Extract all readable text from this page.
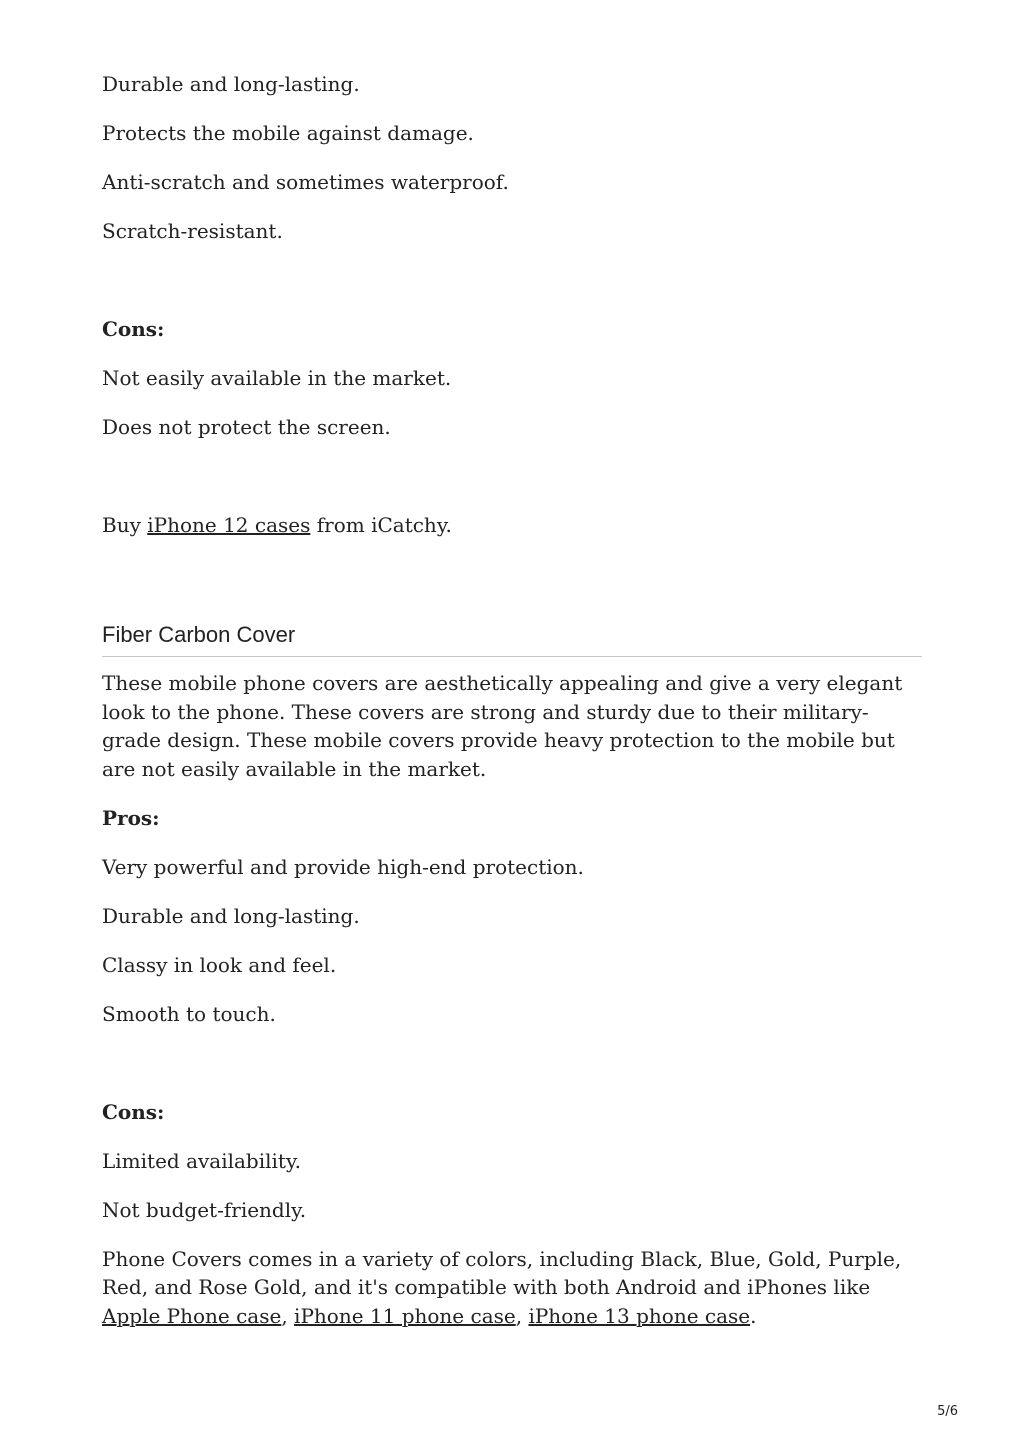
Durable and long-lasting.

Protects the mobile against damage.

Anti-scratch and sometimes waterproof.

Scratch-resistant.

Cons:

Not easily available in the market.

Does not protect the screen.

Buy iPhone 12 cases from iCatchy.

Fiber Carbon Cover

These mobile phone covers are aesthetically appealing and give a very elegant look to the phone. These covers are strong and sturdy due to their military-grade design. These mobile covers provide heavy protection to the mobile but are not easily available in the market.

Pros:

Very powerful and provide high-end protection.

Durable and long-lasting.

Classy in look and feel.

Smooth to touch.

Cons:

Limited availability.

Not budget-friendly.

Phone Covers comes in a variety of colors, including Black, Blue, Gold, Purple, Red, and Rose Gold, and it's compatible with both Android and iPhones like Apple Phone case, iPhone 11 phone case, iPhone 13 phone case.

5/6
